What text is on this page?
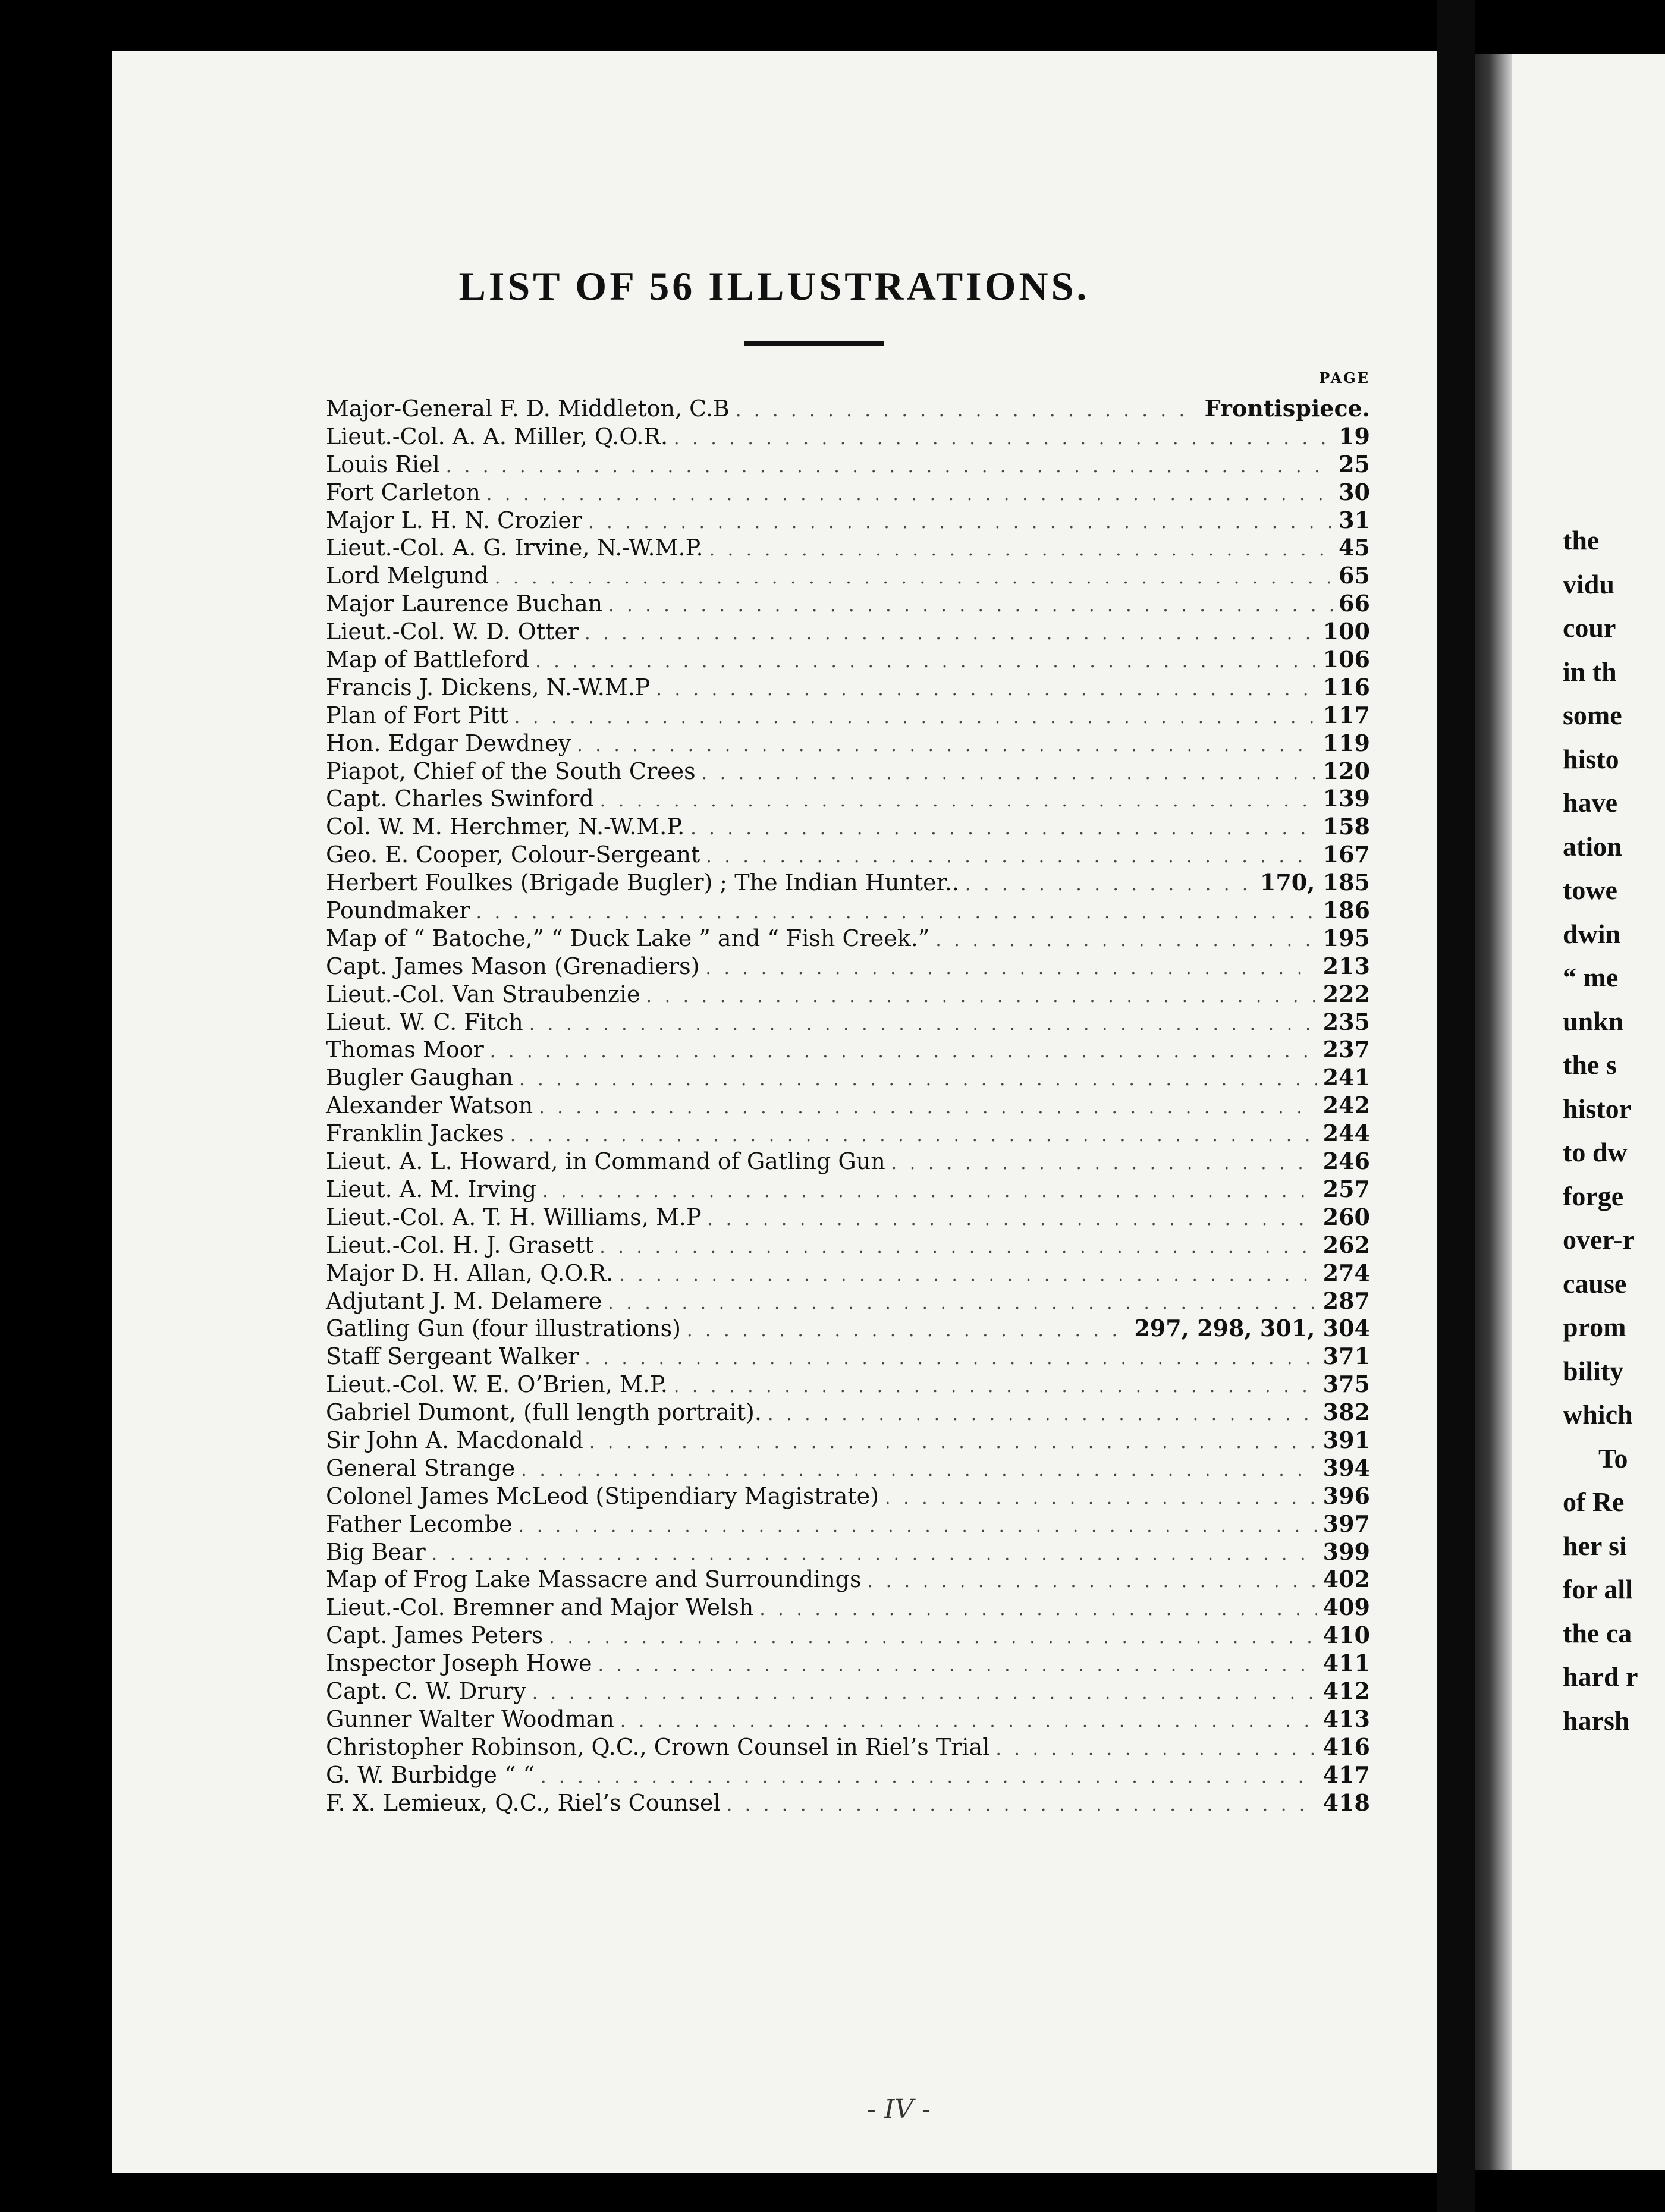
LIST OF 56 ILLUSTRATIONS.
PAGE
Major-General F. D. Middleton, C.B . . .	Frontispiece.
Lieut.-Col. A. A. Miller, Q.O.R. . . .	19
Louis Riel . . .	25
Fort Carleton . . .	30
Major L. H. N. Crozier . . .	31
Lieut.-Col. A. G. Irvine, N.-W.M.P. . . .	45
Lord Melgund . . .	65
Major Laurence Buchan . . .	66
Lieut.-Col. W. D. Otter . . .	100
Map of Battleford . . .	106
Francis J. Dickens, N.-W.M.P . . .	116
Plan of Fort Pitt . . .	117
Hon. Edgar Dewdney . . .	119
Piapot, Chief of the South Crees . . .	120
Capt. Charles Swinford . . .	139
Col. W. M. Herchmer, N.-W.M.P. . . .	158
Geo. E. Cooper, Colour-Sergeant . . .	167
Herbert Foulkes (Brigade Bugler) ; The Indian Hunter.. . . .	170, 185
Poundmaker . . .	186
Map of “ Batoche,” “ Duck Lake ” and “ Fish Creek.” . . .	195
Capt. James Mason (Grenadiers) . . .	213
Lieut.-Col. Van Straubenzie . . .	222
Lieut. W. C. Fitch . . .	235
Thomas Moor . . .	237
Bugler Gaughan . . .	241
Alexander Watson . . .	242
Franklin Jackes . . .	244
Lieut. A. L. Howard, in Command of Gatling Gun . . .	246
Lieut. A. M. Irving . . .	257
Lieut.-Col. A. T. H. Williams, M.P . . .	260
Lieut.-Col. H. J. Grasett . . .	262
Major D. H. Allan, Q.O.R. . . .	274
Adjutant J. M. Delamere . . .	287
Gatling Gun (four illustrations) . . .	297, 298, 301, 304
Staff Sergeant Walker . . .	371
Lieut.-Col. W. E. O’Brien, M.P. . . .	375
Gabriel Dumont, (full length portrait). . . .	382
Sir John A. Macdonald . . .	391
General Strange . . .	394
Colonel James McLeod (Stipendiary Magistrate) . . .	396
Father Lecombe . . .	397
Big Bear . . .	399
Map of Frog Lake Massacre and Surroundings . . .	402
Lieut.-Col. Bremner and Major Welsh . . .	409
Capt. James Peters . . .	410
Inspector Joseph Howe . . .	411
Capt. C. W. Drury . . .	412
Gunner Walter Woodman . . .	413
Christopher Robinson, Q.C., Crown Counsel in Riel’s Trial . . .	416
G. W. Burbidge “ “ . . .	417
F. X. Lemieux, Q.C., Riel’s Counsel . . .	418
- IV -
the
vidu
cour
in th
some
histo
have
ation
towe
dwin
“ me
unkn
the s
histor
to dw
forge
over-r
cause
prom
bility
which
To
of Re
her si
for all
the ca
hard r
harsh
